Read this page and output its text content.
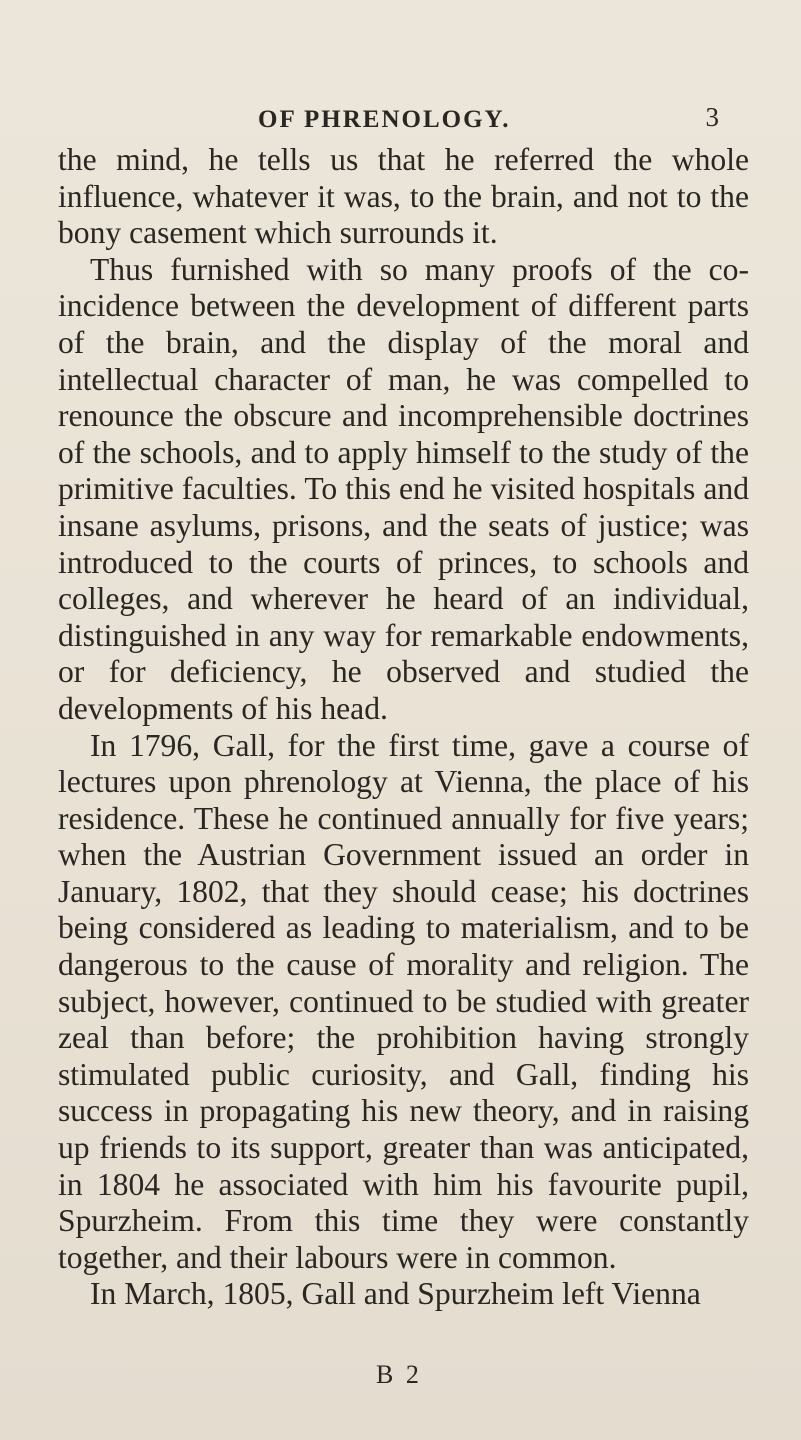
OF PHRENOLOGY.	3

the mind, he tells us that he referred the whole influence, whatever it was, to the brain, and not to the bony casement which surrounds it.

Thus furnished with so many proofs of the co-incidence between the development of different parts of the brain, and the display of the moral and intellectual character of man, he was compelled to renounce the obscure and incomprehensible doctrines of the schools, and to apply himself to the study of the primitive faculties. To this end he visited hospitals and insane asylums, prisons, and the seats of justice; was introduced to the courts of princes, to schools and colleges, and wherever he heard of an individual, distinguished in any way for remarkable endowments, or for deficiency, he observed and studied the developments of his head.

In 1796, Gall, for the first time, gave a course of lectures upon phrenology at Vienna, the place of his residence. These he continued annually for five years; when the Austrian Government issued an order in January, 1802, that they should cease; his doctrines being considered as leading to materialism, and to be dangerous to the cause of morality and religion. The subject, however, continued to be studied with greater zeal than before; the prohibition having strongly stimulated public curiosity, and Gall, finding his success in propagating his new theory, and in raising up friends to its support, greater than was anticipated, in 1804 he associated with him his favourite pupil, Spurzheim. From this time they were constantly together, and their labours were in common.

In March, 1805, Gall and Spurzheim left Vienna

B 2
